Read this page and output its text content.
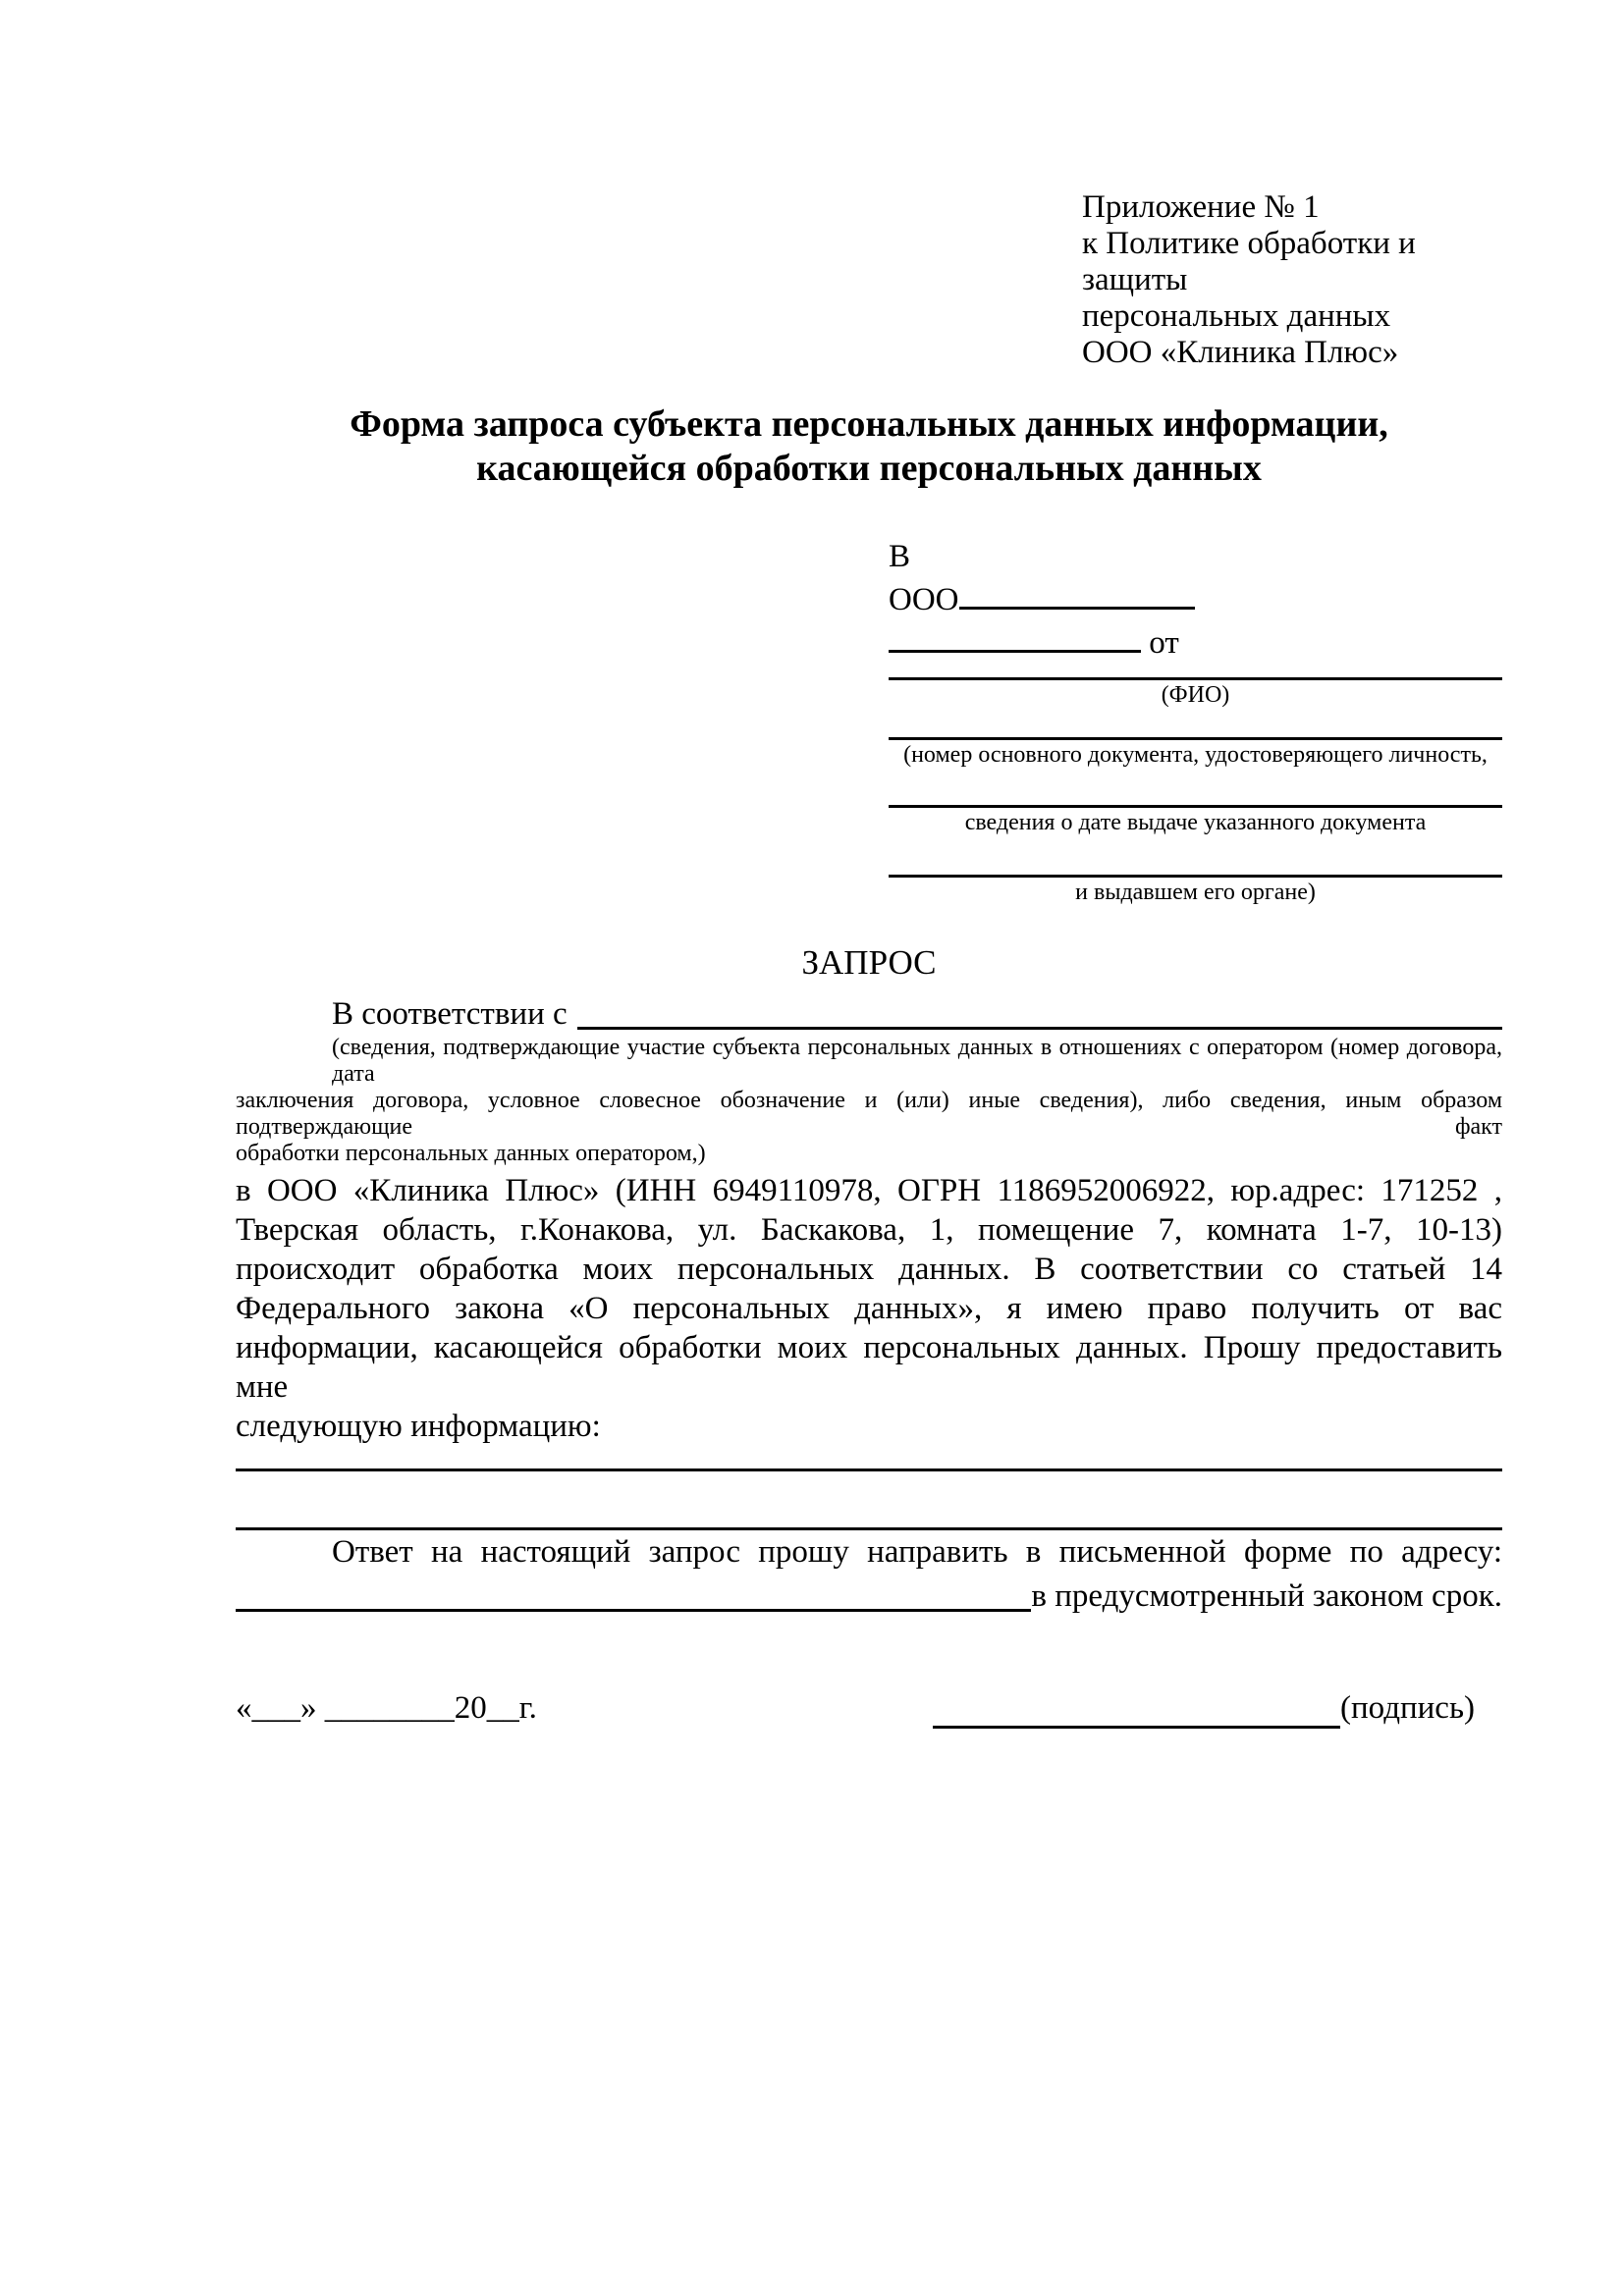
Приложение № 1
к Политике обработки и защиты
персональных данных
ООО «Клиника Плюс»
Форма запроса субъекта персональных данных информации,
касающейся обработки персональных данных
В
ООО
от
(ФИО)
(номер основного документа, удостоверяющего личность,
сведения о дате выдаче указанного документа
и выдавшем его органе)
ЗАПРОС
В соответствии с
(сведения, подтверждающие участие субъекта персональных данных в отношениях с оператором (номер договора, дата
заключения договора, условное словесное обозначение и (или) иные сведения), либо сведения, иным образом подтверждающие факт
обработки персональных данных оператором,)
в ООО «Клиника Плюс» (ИНН 6949110978, ОГРН 1186952006922, юр.адрес: 171252 ,
Тверская область, г.Конакова, ул. Баскакова, 1, помещение 7, комната 1-7, 10-13)
происходит обработка моих персональных данных. В соответствии со статьей 14
Федерального закона «О персональных данных», я имею право получить от вас
информации, касающейся обработки моих персональных данных. Прошу предоставить мне
следующую информацию:
Ответ на настоящий запрос прошу направить в письменной форме по адресу:
в предусмотренный законом срок.
«___» ________20__г.	(подпись)
